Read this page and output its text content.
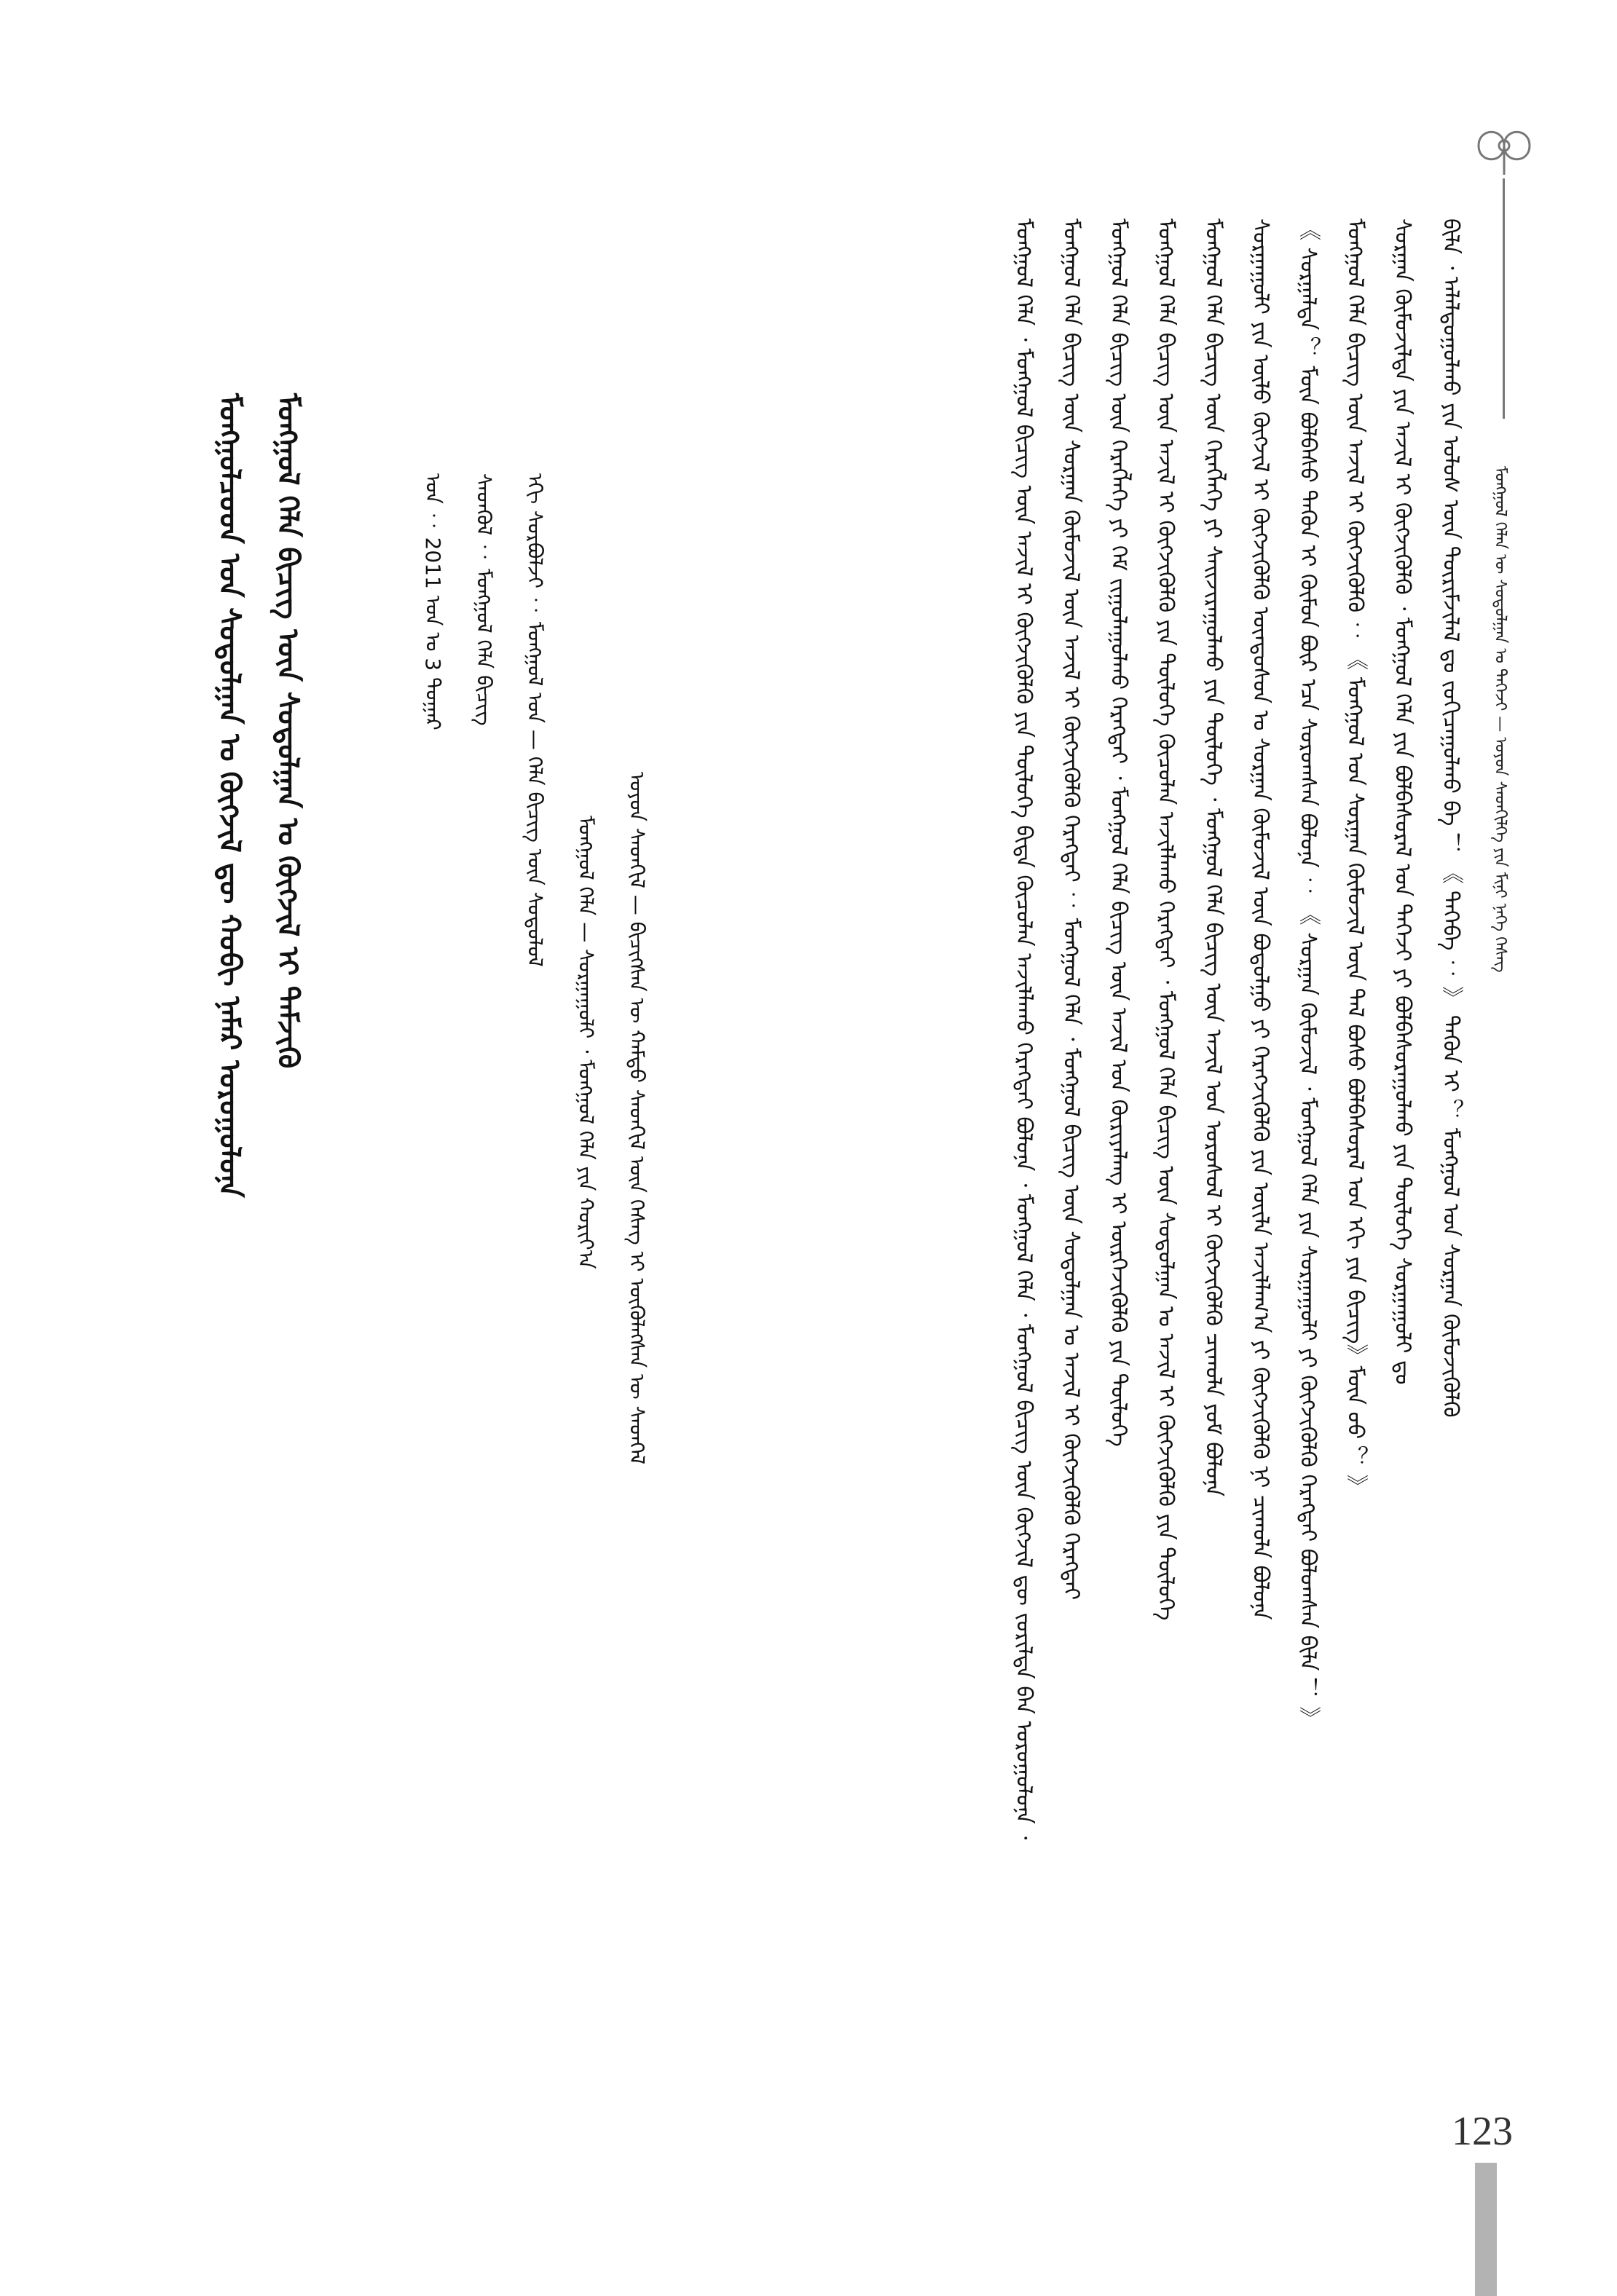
ᠮᠣᠩᠭᠣᠯ ᠬᠡᠯᠡᠨ ᠦ ᠰᠤᠳᠤᠯᠭᠠᠨ ᠤ ᠳᠡᠭᠡᠵᠢ — ᠣᠶᠤᠨ ᠰᠡᠳᠬᠢᠯᠭᠡ ᠶᠢᠨ ᠮᠢᠨᠢ ᠨᠡᠭᠡ ᠬᠡᠰᠡᠭ
ᠪᠢᠯᠡ ᠂ ᠠᠯᠠᠯᠳᠤᠭᠤᠯᠬᠤ ᠶᠢᠨ ᠤᠯᠤᠰ ᠦᠨ ᠳᠦᠷᠢᠮᠵᠢᠯᠡᠯ ᠳᠤ ᠵᠣᠬᠢᠴᠠᠭᠤᠯᠬᠤ ᠪᠡ ！ 《 ᠲᠡᠭᠡᠪᠡ ︰ 》 ᠲᠡᠭᠦᠨ ᠢ ？ ᠮᠣᠩᠭᠣᠯ ᠤᠨ ᠰᠤᠷᠭᠠᠨ ᠬᠦᠮᠦᠵᠢᠭᠦᠯᠬᠦ
ᠰᠤᠷᠭᠠᠨ ᠬᠦᠮᠦᠵᠢᠯᠳᠡ ᠶᠢᠨ ᠠᠵᠢᠯ ᠢ ᠬᠦᠭᠵᠢᠭᠦᠯᠬᠦ ᠂ ᠮᠣᠩᠭᠣᠯ ᠬᠡᠯᠡ ᠶᠢᠨ ᠪᠣᠯᠪᠠᠰᠤᠷᠠᠯ ᠤᠨ ᠳᠡᠭᠡᠵᠢ ᠶᠢ ᠪᠣᠯᠪᠠᠰᠤᠷᠠᠭᠤᠯᠬᠤ ᠶᠢᠨ ᠲᠥᠯᠥᠭᠡ ᠰᠤᠷᠭᠠᠭᠤᠯᠢ ᠳᠤ
ᠮᠣᠩᠭᠣᠯ ᠬᠡᠯᠡ ᠪᠢᠴᠢᠭ ᠦᠨ ᠠᠵᠢᠯ ᠢ ᠬᠦᠭᠵᠢᠭᠦᠯᠬᠦ ︰ 《 ᠮᠣᠩᠭᠣᠯ ᠤᠨ ᠰᠤᠷᠭᠠᠨ ᠬᠦᠮᠦᠵᠢᠯ ᠦᠨ ᠲᠠᠯ ᠪᠤᠰᠤ ᠪᠣᠯᠪᠠᠰᠤᠷᠠᠯ ᠤᠨ ᠡᠬᠢ ᠶᠢᠨ ᠪᠢᠴᠢᠭ》ᠮᠥᠨ ᠦᠦ ？ 》
《 ᠰᠤᠷᠭᠠᠯᠲᠠ ？ ᠮᠥᠨ ᠪᠣᠯᠪᠠᠰᠤ ᠲᠡᠭᠦᠨ ᠢ ᠬᠦᠮᠦᠨ ᠪᠦᠷ ᠡᠴᠡ ᠰᠤᠷᠤᠭᠰᠠᠨ ᠪᠣᠯᠤᠨᠠ ︰ 《 ᠰᠤᠷᠭᠠᠨ ᠬᠦᠮᠦᠵᠢᠯ ᠂ ᠮᠣᠩᠭᠣᠯ ᠬᠡᠯᠡ ᠶᠢᠨ ᠰᠤᠷᠭᠠᠭᠤᠯᠢ ᠶᠢ ᠬᠥᠭᠵᠢᠭᠦᠯᠬᠦ ᠬᠡᠷᠡᠭᠲᠡᠢ ᠪᠣᠯᠤᠭᠰᠠᠨ ᠪᠢᠯᠡ ！ 》
ᠰᠤᠷᠭᠠᠭᠤᠯᠢ ᠶᠢᠨ ᠦᠯᠦ ᠬᠦᠭᠵᠢᠯ ᠢ ᠬᠦᠭᠵᠢᠭᠦᠯᠬᠦ ᠦᠨᠳᠦᠰᠦᠨ ᠤ ᠰᠤᠷᠭᠠᠨ ᠬᠦᠮᠦᠵᠢᠯ ᠦᠨ ᠪᠣᠳᠣᠯᠭᠤ ᠶᠢ ᠬᠡᠷᠡᠭᠵᠢᠭᠦᠯᠬᠦ ᠶᠢᠨ ᠦᠢᠯᠡ ᠠᠵᠢᠯᠯᠠᠭ᠎ᠠ ᠶᠢ ᠬᠦᠭᠵᠢᠭᠦᠯᠬᠦ ᠨᠢ ᠴᠢᠬᠤᠯᠠ ᠪᠣᠯᠤᠨᠠ
ᠮᠣᠩᠭᠣᠯ ᠬᠡᠯᠡ ᠪᠢᠴᠢᠭ ᠦᠨ ᠬᠡᠷᠡᠭᠯᠡᠭᠡ ᠶᠢ ᠰᠠᠢᠵᠢᠷᠠᠭᠤᠯᠬᠤ ᠶᠢᠨ ᠲᠥᠯᠥᠭᠡ ᠂ ᠮᠣᠩᠭᠣᠯ ᠬᠡᠯᠡ ᠪᠢᠴᠢᠭ ᠦᠨ ᠠᠵᠢᠯ ᠤᠨ ᠤᠷᠤᠰᠤᠯ ᠢ ᠬᠦᠭᠵᠢᠭᠦᠯᠬᠦ ᠴᠢᠬᠤᠯᠠ ᠶᠤᠮ ᠪᠣᠯᠤᠨᠠ
ᠮᠣᠩᠭᠣᠯ ᠬᠡᠯᠡ ᠪᠢᠴᠢᠭ ᠦᠨ ᠠᠵᠢᠯ ᠢ ᠬᠦᠭᠵᠢᠭᠦᠯᠬᠦ ᠶᠢᠨ ᠲᠥᠯᠥᠭᠡ ᠬᠦᠴᠦᠯᠡᠨ ᠠᠵᠢᠯᠯᠠᠬᠤ ᠬᠡᠷᠡᠭᠲᠡᠢ ᠂ ᠮᠣᠩᠭᠣᠯ ᠬᠡᠯᠡ ᠪᠢᠴᠢᠭ ᠦᠨ ᠰᠤᠳᠤᠯᠭᠠᠨ ᠤ ᠠᠵᠢᠯ ᠢ ᠬᠥᠭᠵᠢᠭᠦᠯᠬᠦ ᠶᠢᠨ ᠲᠥᠯᠥᠭᠡ
ᠮᠣᠩᠭᠣᠯ ᠬᠡᠯᠡ ᠪᠢᠴᠢᠭ ᠦᠨ ᠬᠡᠷᠡᠭᠯᠡᠭᠡ ᠶᠢ ᠬᠡᠮ ᠵᠢᠭᠤᠯᠠᠭᠤᠯᠬᠤ ᠬᠡᠷᠡᠭᠲᠡᠢ ᠂ ᠮᠣᠩᠭᠣᠯ ᠬᠡᠯᠡ ᠪᠢᠴᠢᠭ ᠦᠨ ᠠᠵᠢᠯ ᠤᠨ ᠬᠦᠷᠢᠶᠡᠯᠡᠩ ᠢ ᠥᠷᠭᠡᠵᠢᠭᠦᠯᠬᠦ ᠶᠢᠨ ᠲᠥᠯᠥᠭᠡ
ᠮᠣᠩᠭᠣᠯ ᠬᠡᠯᠡ ᠪᠢᠴᠢᠭ ᠦᠨ ᠰᠤᠷᠭᠠᠨ ᠬᠦᠮᠦᠵᠢᠯ ᠦᠨ ᠠᠵᠢᠯ ᠢ ᠬᠦᠭᠵᠢᠭᠦᠯᠬᠦ ᠬᠡᠷᠡᠭᠲᠡᠢ ︰ ᠮᠣᠩᠭᠣᠯ ᠬᠡᠯᠡ ᠂ ᠮᠣᠩᠭᠣᠯ ᠪᠢᠴᠢᠭ ᠦᠨ ᠰᠤᠳᠤᠯᠭᠠᠨ ᠤ ᠠᠵᠢᠯ ᠢ ᠬᠥᠭᠵᠢᠭᠦᠯᠬᠦ ᠬᠡᠷᠡᠭᠲᠡᠢ
ᠮᠣᠩᠭᠣᠯ ᠬᠡᠯᠡ ᠂ ᠮᠣᠩᠭᠣᠯ ᠪᠢᠴᠢᠭ ᠦᠨ ᠠᠵᠢᠯ ᠢ ᠬᠦᠭᠵᠢᠭᠦᠯᠬᠦ ᠶᠢᠨ ᠲᠥᠯᠥᠭᠡ ᠪᠢᠳᠡ ᠬᠦᠴᠦᠯᠡᠨ ᠠᠵᠢᠯᠯᠠᠬᠤ ᠬᠡᠷᠡᠭᠲᠡᠢ ᠪᠣᠯᠤᠨᠠ ᠂ ᠮᠣᠩᠭᠣᠯ ᠬᠡᠯᠡ ᠂ ᠮᠣᠩᠭᠣᠯ ᠪᠢᠴᠢᠭ ᠦᠨ ᠬᠥᠭᠵᠢᠯ ᠳᠦ ᠵᠣᠷᠢᠯᠲᠠ ᠪᠠᠨ ᠣᠷᠣᠭᠤᠯᠤᠨᠠ ᠂
ᠣᠶᠤᠨ ᠰᠡᠳᠬᠢᠯ — ᠪᠢᠴᠢᠭᠰᠡᠨ ᠦ ᠬᠠᠮᠲᠤ ᠰᠡᠳᠬᠢᠯ ᠦᠨ ᠬᠡᠰᠡᠭ ᠢ ᠥᠭᠦᠯᠡᠭᠰᠡᠨ ᠦ ᠰᠡᠳᠬᠡᠯ
ᠮᠣᠩᠭᠣᠯ ᠬᠡᠯᠡ — ᠰᠤᠷᠭᠠᠭᠤᠯᠢ ᠂ ᠮᠣᠩᠭᠣᠯ ᠬᠡᠯᠡ ᠶᠢᠨ ᠬᠣᠷᠢᠶ᠎ᠠ
ᠡᠬᠢ ᠰᠤᠷᠪᠤᠯᠵᠢ ︰ ᠮᠣᠩᠭᠣᠯ ᠤᠨ — ᠬᠡᠯᠡ ᠪᠢᠴᠢᠭ ᠦᠨ ᠰᠤᠳᠤᠯᠤᠯ
ᠰᠡᠳᠬᠦᠯ ︰ ᠮᠣᠩᠭᠣᠯ ᠬᠡᠯᠡ ᠪᠢᠴᠢᠭ
ᠣᠨ ︰ 2011 ᠣᠨ ᠤ 3 ᠳᠤᠭᠠᠷ
ᠮᠣᠩᠭᠣᠯ ᠬᠡᠯᠡ ᠪᠢᠴᠢᠭ ᠦᠨ ᠰᠤᠳᠤᠯᠭᠠᠨ ᠤ ᠬᠥᠭᠵᠢᠯ ᠢ ᠳᠡᠮᠵᠢᠬᠦ
ᠮᠣᠩᠭᠣᠯᠴᠤᠳ ᠤᠨ ᠰᠤᠳᠤᠯᠭᠠᠨ ᠤ ᠬᠥᠭᠵᠢᠯ ᠳᠦ ᠬᠤᠪᠢ ᠨᠡᠮᠡᠷ ᠣᠷᠤᠭᠤᠯᠤᠨᠠ
123
